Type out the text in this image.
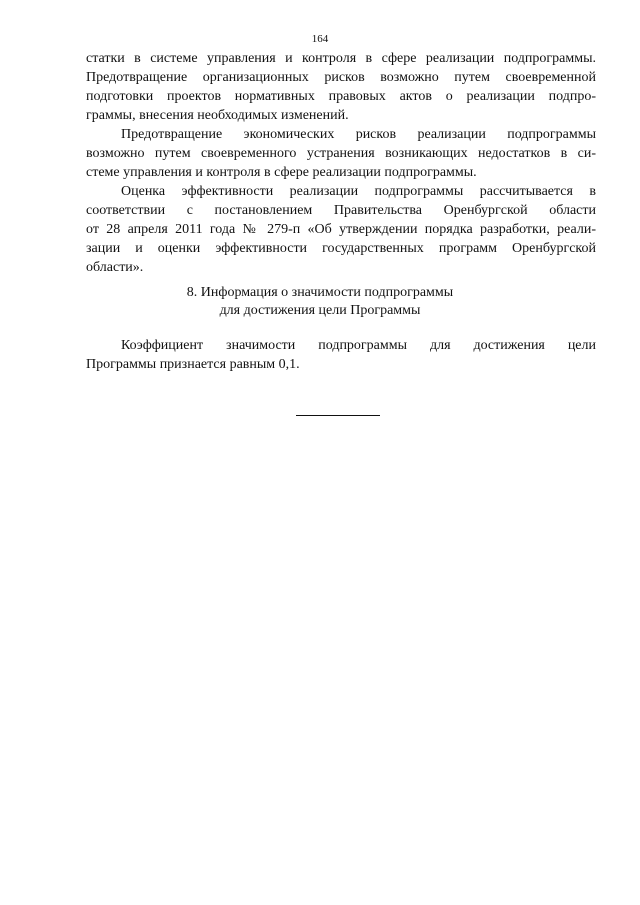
164
статки в системе управления и контроля в сфере реализации подпрограммы.
Предотвращение организационных рисков возможно путем своевременной
подготовки проектов нормативных правовых актов о реализации подпро-
граммы, внесения необходимых изменений.
Предотвращение экономических рисков реализации подпрограммы
возможно путем своевременного устранения возникающих недостатков в си-
стеме управления и контроля в сфере реализации подпрограммы.
Оценка эффективности реализации подпрограммы рассчитывается в
соответствии с постановлением Правительства Оренбургской области
от 28 апреля 2011 года № 279-п «Об утверждении порядка разработки, реали-
зации и оценки эффективности государственных программ Оренбургской
области».
8. Информация о значимости подпрограммы
для достижения цели Программы
Коэффициент значимости подпрограммы для достижения цели
Программы признается равным 0,1.
